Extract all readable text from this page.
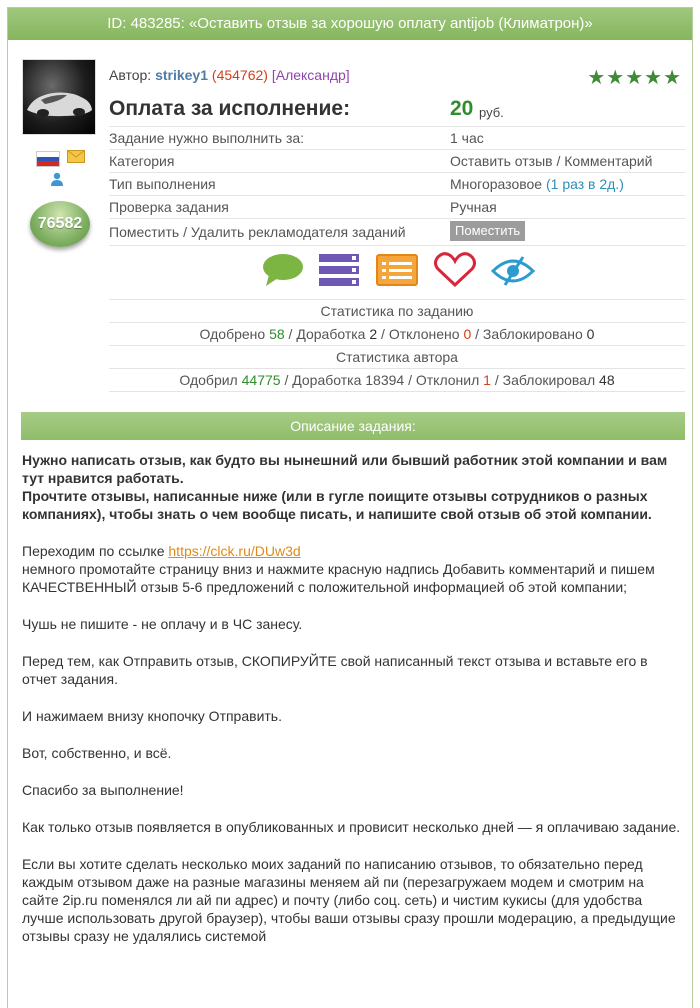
ID: 483285: «Оставить отзыв за хорошую оплату antijob (Климатрон)»
76582
Автор: strikey1 (454762) [Александр]	★★★★★
Оплата за исполнение:	20 руб.
Задание нужно выполнить за:	1 час
Категория	Оставить отзыв / Комментарий
Тип выполнения	Многоразовое (1 раз в 2д.)
Проверка задания	Ручная
Поместить / Удалить рекламодателя заданий	Поместить
Статистика по заданию
Одобрено 58 / Доработка 2 / Отклонено 0 / Заблокировано 0
Статистика автора
Одобрил 44775 / Доработка 18394 / Отклонил 1 / Заблокировал 48
Описание задания:

Нужно написать отзыв, как будто вы нынешний или бывший работник этой компании и вам тут нравится работать.
Прочтите отзывы, написанные ниже (или в гугле поищите отзывы сотрудников о разных компаниях), чтобы знать о чем вообще писать, и напишите свой отзыв об этой компании.

Переходим по ссылке https://clck.ru/DUw3d
немного промотайте страницу вниз и нажмите красную надпись Добавить комментарий и пишем КАЧЕСТВЕННЫЙ отзыв 5-6 предложений с положительной информацией об этой компании;

Чушь не пишите - не оплачу и в ЧС занесу.

Перед тем, как Отправить отзыв, СКОПИРУЙТЕ свой написанный текст отзыва и вставьте его в отчет задания.

И нажимаем внизу кнопочку Отправить.

Вот, собственно, и всё.

Спасибо за выполнение!

Как только отзыв появляется в опубликованных и провисит несколько дней — я оплачиваю задание.

Если вы хотите сделать несколько моих заданий по написанию отзывов, то обязательно перед каждым отзывом даже на разные магазины меняем ай пи (перезагружаем модем и смотрим на сайте 2ip.ru поменялся ли ай пи адрес) и почту (либо соц. сеть) и чистим кукисы (для удобства лучше использовать другой браузер), чтобы ваши отзывы сразу прошли модерацию, а предыдущие отзывы сразу не удалялись системой
